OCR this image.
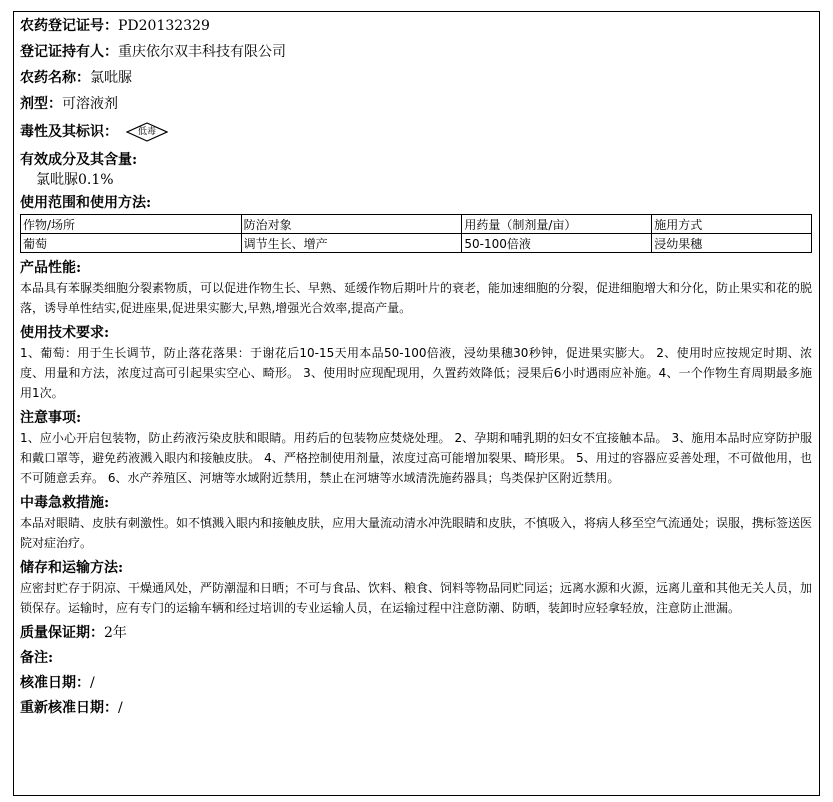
农药登记证号：PD20132329
登记证持有人：重庆依尔双丰科技有限公司
农药名称：氯吡脲
剂型：可溶液剂
毒性及其标识：	低毒
有效成分及其含量:
氯吡脲0.1%
使用范围和使用方法:
作物/场所	防治对象	用药量（制剂量/亩）	施用方式
葡萄	调节生长、增产	50-100倍液	浸幼果穗
产品性能:
本品具有苯脲类细胞分裂素物质，可以促进作物生长、早熟、延缓作物后期叶片的衰老，能加速细胞的分裂，促进细胞增大和分化，防止果实和花的脱落，诱导单性结实,促进座果,促进果实膨大,早熟,增强光合效率,提高产量。
使用技术要求:
1、葡萄：用于生长调节，防止落花落果：于谢花后10-15天用本品50-100倍液，浸幼果穗30秒钟，促进果实膨大。 2、使用时应按规定时期、浓度、用量和方法，浓度过高可引起果实空心、畸形。 3、使用时应现配现用，久置药效降低；浸果后6小时遇雨应补施。4、一个作物生育周期最多施用1次。
注意事项:
1、应小心开启包装物，防止药液污染皮肤和眼睛。用药后的包装物应焚烧处理。 2、孕期和哺乳期的妇女不宜接触本品。 3、施用本品时应穿防护服和戴口罩等，避免药液溅入眼内和接触皮肤。 4、严格控制使用剂量，浓度过高可能增加裂果、畸形果。 5、用过的容器应妥善处理，不可做他用，也不可随意丢弃。 6、水产养殖区、河塘等水域附近禁用，禁止在河塘等水域清洗施药器具；鸟类保护区附近禁用。
中毒急救措施:
本品对眼睛、皮肤有刺激性。如不慎溅入眼内和接触皮肤，应用大量流动清水冲洗眼睛和皮肤，不慎吸入，将病人移至空气流通处；误服，携标签送医院对症治疗。
储存和运输方法:
应密封贮存于阴凉、干燥通风处，严防潮湿和日晒；不可与食品、饮料、粮食、饲料等物品同贮同运；远离水源和火源，远离儿童和其他无关人员，加锁保存。运输时，应有专门的运输车辆和经过培训的专业运输人员，在运输过程中注意防潮、防晒，装卸时应轻拿轻放，注意防止泄漏。
质量保证期：2年
备注:
核准日期：/
重新核准日期：/
